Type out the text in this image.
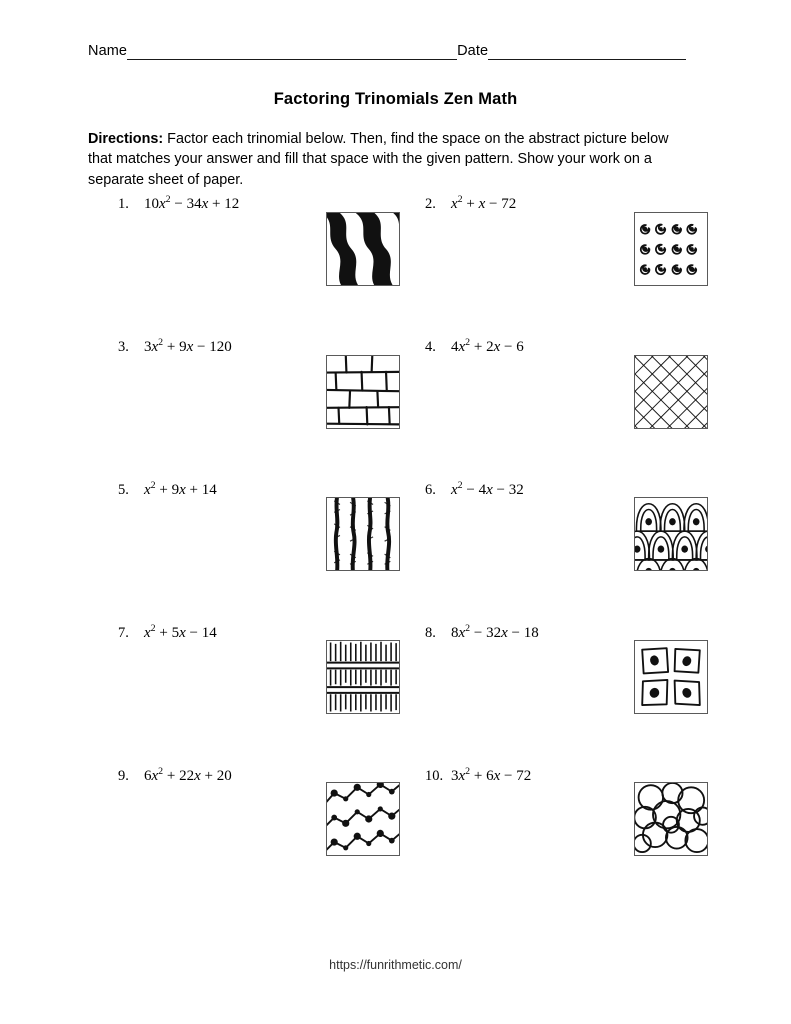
Name	Date
Factoring Trinomials Zen Math
Directions: Factor each trinomial below. Then, find the space on the abstract picture below that matches your answer and fill that space with the given pattern. Show your work on a separate sheet of paper.
1. $10x^2 - 34x + 12$	2. $x^2 + x - 72$
3. $3x^2 + 9x - 120$	4. $4x^2 + 2x - 6$
5. $x^2 + 9x + 14$	6. $x^2 - 4x - 32$
7. $x^2 + 5x - 14$	8. $8x^2 - 32x - 18$
9. $6x^2 + 22x + 20$	10. $3x^2 + 6x - 72$
https://funrithmetic.com/
